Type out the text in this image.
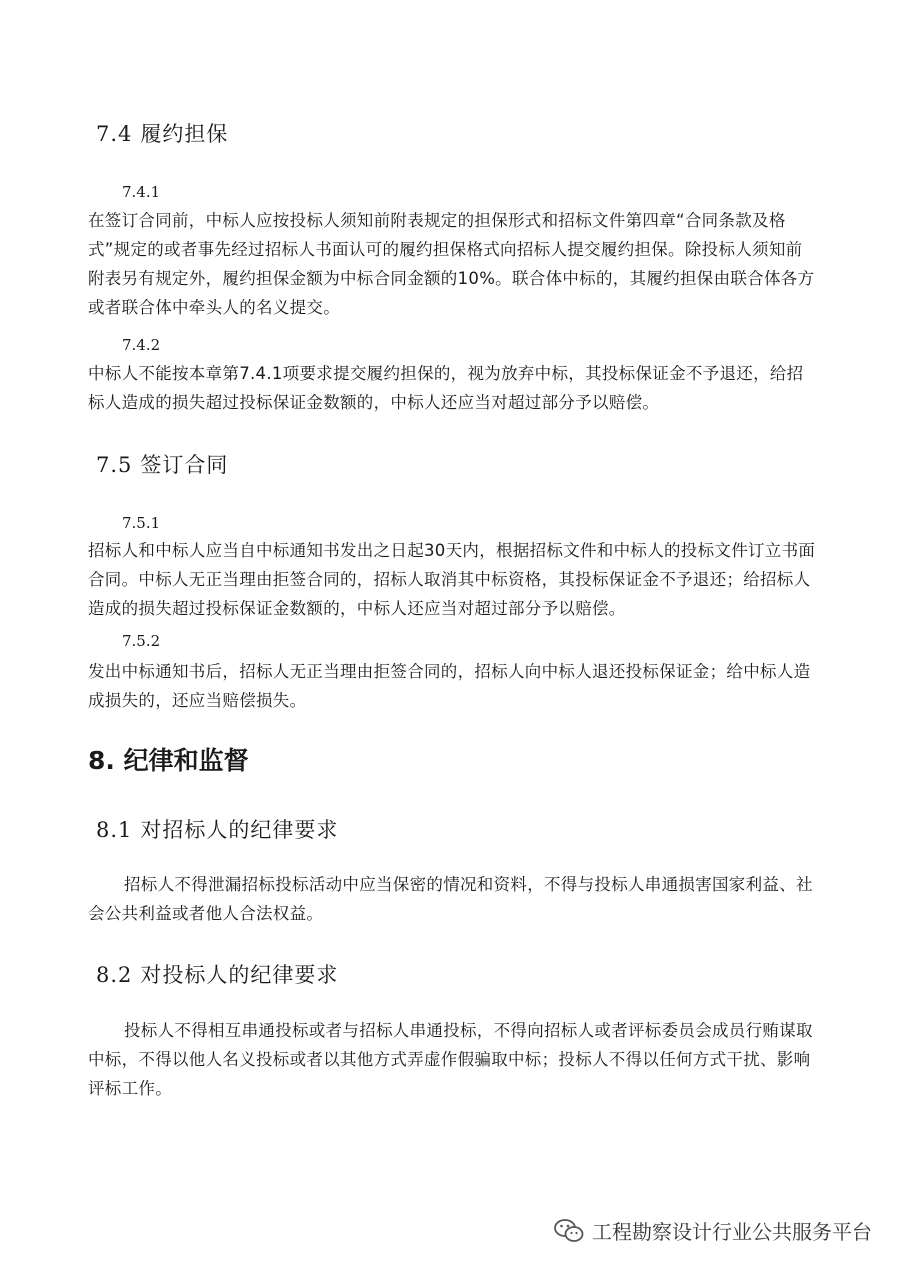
7.4 履约担保
7.4.1

在签订合同前，中标人应按投标人须知前附表规定的担保形式和招标文件第四章“合同条款及格式”规定的或者事先经过招标人书面认可的履约担保格式向招标人提交履约担保。除投标人须知前附表另有规定外，履约担保金额为中标合同金额的10%。联合体中标的，其履约担保由联合体各方或者联合体中牵头人的名义提交。

7.4.2

中标人不能按本章第7.4.1项要求提交履约担保的，视为放弃中标，其投标保证金不予退还，给招标人造成的损失超过投标保证金数额的，中标人还应当对超过部分予以赔偿。

7.5 签订合同
7.5.1

招标人和中标人应当自中标通知书发出之日起30天内，根据招标文件和中标人的投标文件订立书面合同。中标人无正当理由拒签合同的，招标人取消其中标资格，其投标保证金不予退还；给招标人造成的损失超过投标保证金数额的，中标人还应当对超过部分予以赔偿。

7.5.2

发出中标通知书后，招标人无正当理由拒签合同的，招标人向中标人退还投标保证金；给中标人造成损失的，还应当赔偿损失。

8. 纪律和监督
8.1 对招标人的纪律要求

招标人不得泄漏招标投标活动中应当保密的情况和资料，不得与投标人串通损害国家利益、社会公共利益或者他人合法权益。

8.2 对投标人的纪律要求

投标人不得相互串通投标或者与招标人串通投标，不得向招标人或者评标委员会成员行贿谋取中标，不得以他人名义投标或者以其他方式弄虚作假骗取中标；投标人不得以任何方式干扰、影响评标工作。

工程勘察设计行业公共服务平台
